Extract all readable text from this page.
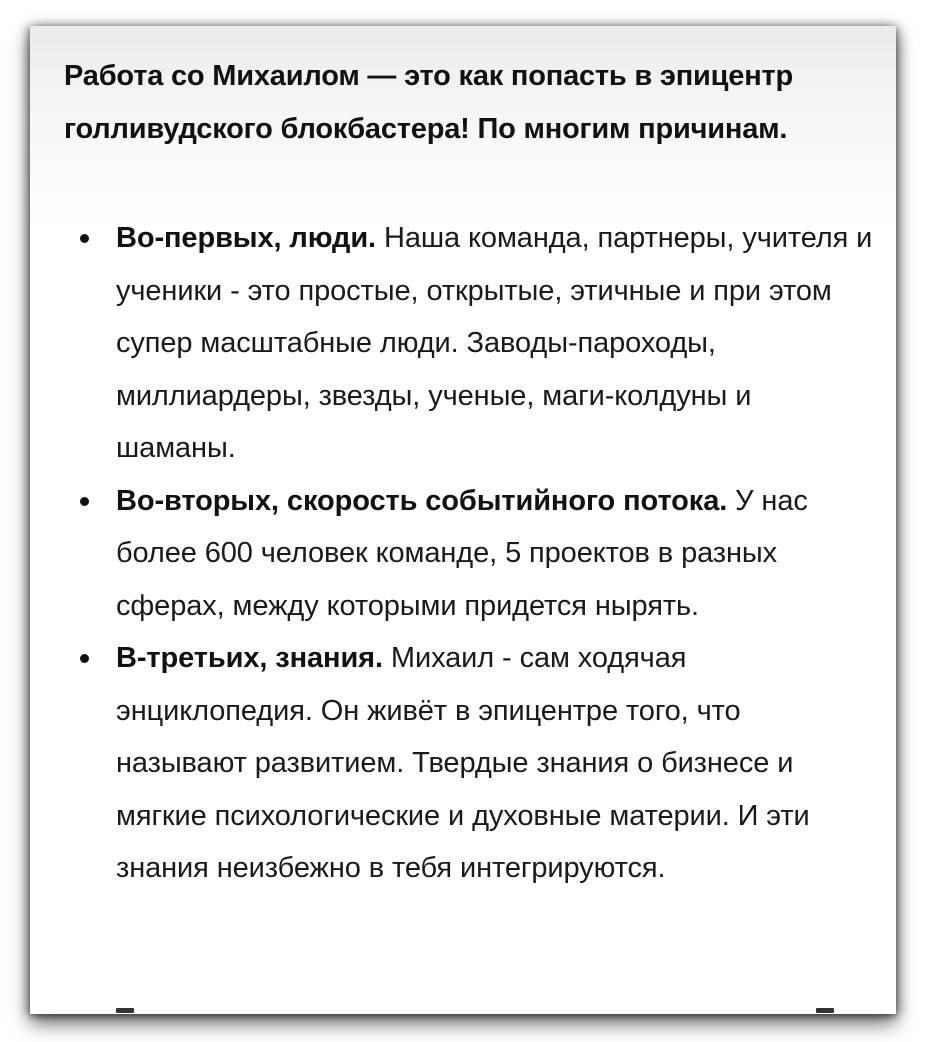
Работа со Михаилом — это как попасть в эпицентр голливудского блокбастера! По многим причинам.

Во-первых, люди. Наша команда, партнеры, учителя и ученики - это простые, открытые, этичные и при этом супер масштабные люди. Заводы-пароходы, миллиардеры, звезды, ученые, маги-колдуны и шаманы.
Во-вторых, скорость событийного потока. У нас более 600 человек команде, 5 проектов в разных сферах, между которыми придется нырять.
В-третьих, знания. Михаил - сам ходячая энциклопедия. Он живёт в эпицентре того, что называют развитием. Твердые знания о бизнесе и мягкие психологические и духовные материи. И эти знания неизбежно в тебя интегрируются.
